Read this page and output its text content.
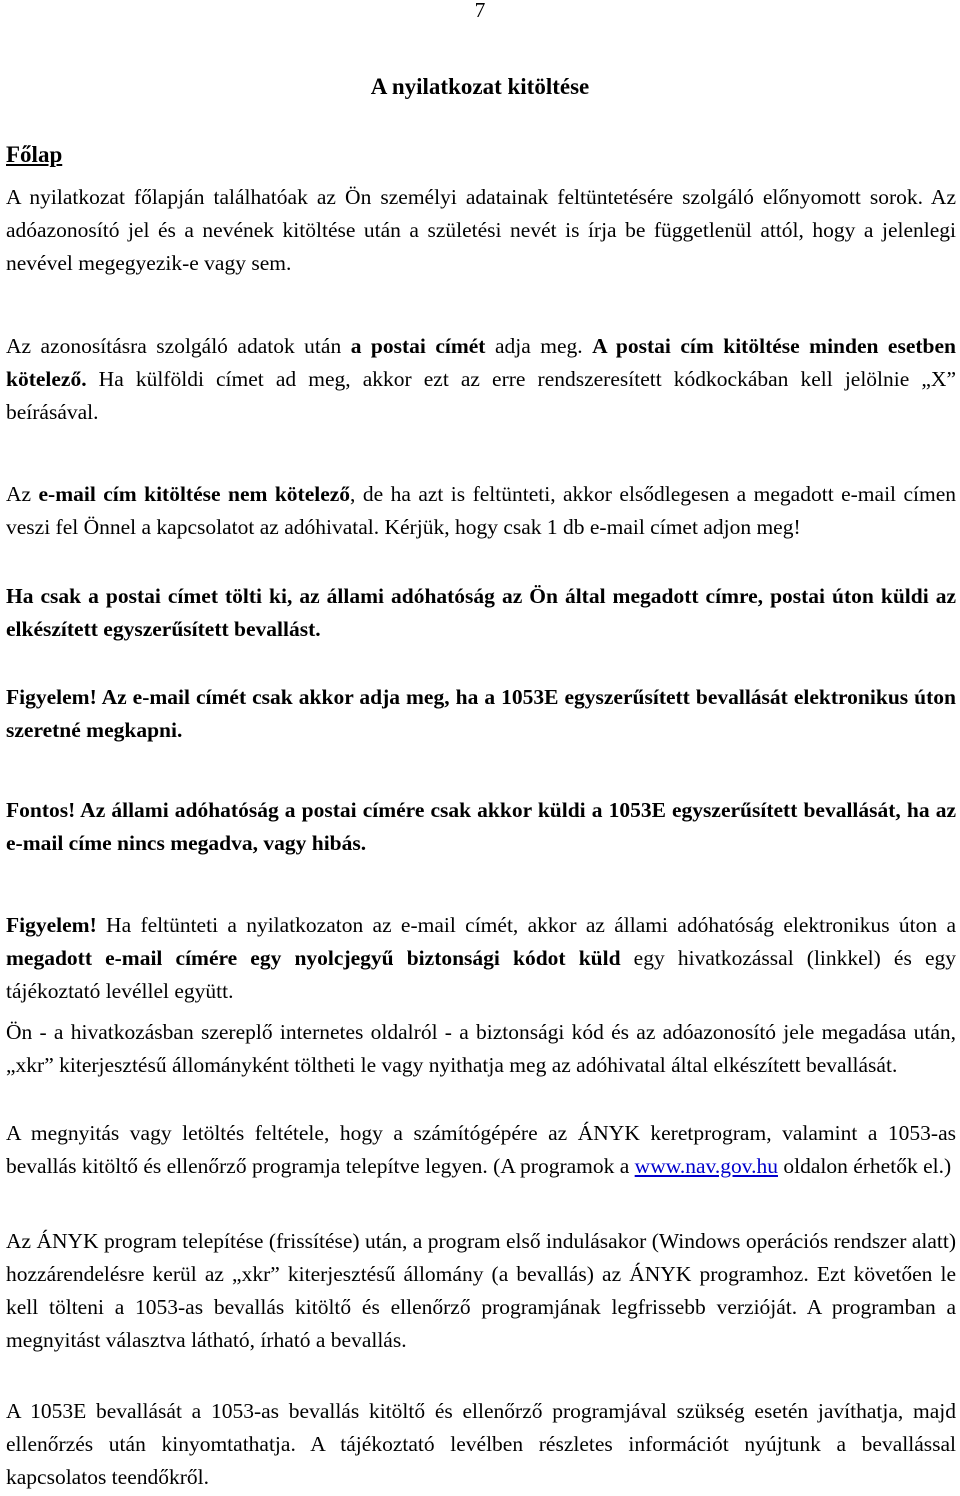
7
A nyilatkozat kitöltése
Főlap

A nyilatkozat főlapján találhatóak az Ön személyi adatainak feltüntetésére szolgáló előnyomott sorok. Az adóazonosító jel és a nevének kitöltése után a születési nevét is írja be függetlenül attól, hogy a jelenlegi nevével megegyezik-e vagy sem.

Az azonosításra szolgáló adatok után a postai címét adja meg. A postai cím kitöltése minden esetben kötelező. Ha külföldi címet ad meg, akkor ezt az erre rendszeresített kódkockában kell jelölnie „X” beírásával.

Az e-mail cím kitöltése nem kötelező, de ha azt is feltünteti, akkor elsődlegesen a megadott e-mail címen veszi fel Önnel a kapcsolatot az adóhivatal. Kérjük, hogy csak 1 db e-mail címet adjon meg!

Ha csak a postai címet tölti ki, az állami adóhatóság az Ön által megadott címre, postai úton küldi az elkészített egyszerűsített bevallást.

Figyelem! Az e-mail címét csak akkor adja meg, ha a 1053E egyszerűsített bevallását elektronikus úton szeretné megkapni.

Fontos! Az állami adóhatóság a postai címére csak akkor küldi a 1053E egyszerűsített bevallását, ha az e-mail címe nincs megadva, vagy hibás.

Figyelem! Ha feltünteti a nyilatkozaton az e-mail címét, akkor az állami adóhatóság elektronikus úton a megadott e-mail címére egy nyolcjegyű biztonsági kódot küld egy hivatkozással (linkkel) és egy tájékoztató levéllel együtt.

Ön - a hivatkozásban szereplő internetes oldalról - a biztonsági kód és az adóazonosító jele megadása után, „xkr” kiterjesztésű állományként töltheti le vagy nyithatja meg az adóhivatal által elkészített bevallását.

A megnyitás vagy letöltés feltétele, hogy a számítógépére az ÁNYK keretprogram, valamint a 1053-as bevallás kitöltő és ellenőrző programja telepítve legyen. (A programok a www.nav.gov.hu oldalon érhetők el.)

Az ÁNYK program telepítése (frissítése) után, a program első indulásakor (Windows operációs rendszer alatt) hozzárendelésre kerül az „xkr” kiterjesztésű állomány (a bevallás) az ÁNYK programhoz. Ezt követően le kell tölteni a 1053-as bevallás kitöltő és ellenőrző programjának legfrissebb verzióját. A programban a megnyitást választva látható, írható a bevallás.

A 1053E bevallását a 1053-as bevallás kitöltő és ellenőrző programjával szükség esetén javíthatja, majd ellenőrzés után kinyomtathatja. A tájékoztató levélben részletes információt nyújtunk a bevallással kapcsolatos teendőkről.
